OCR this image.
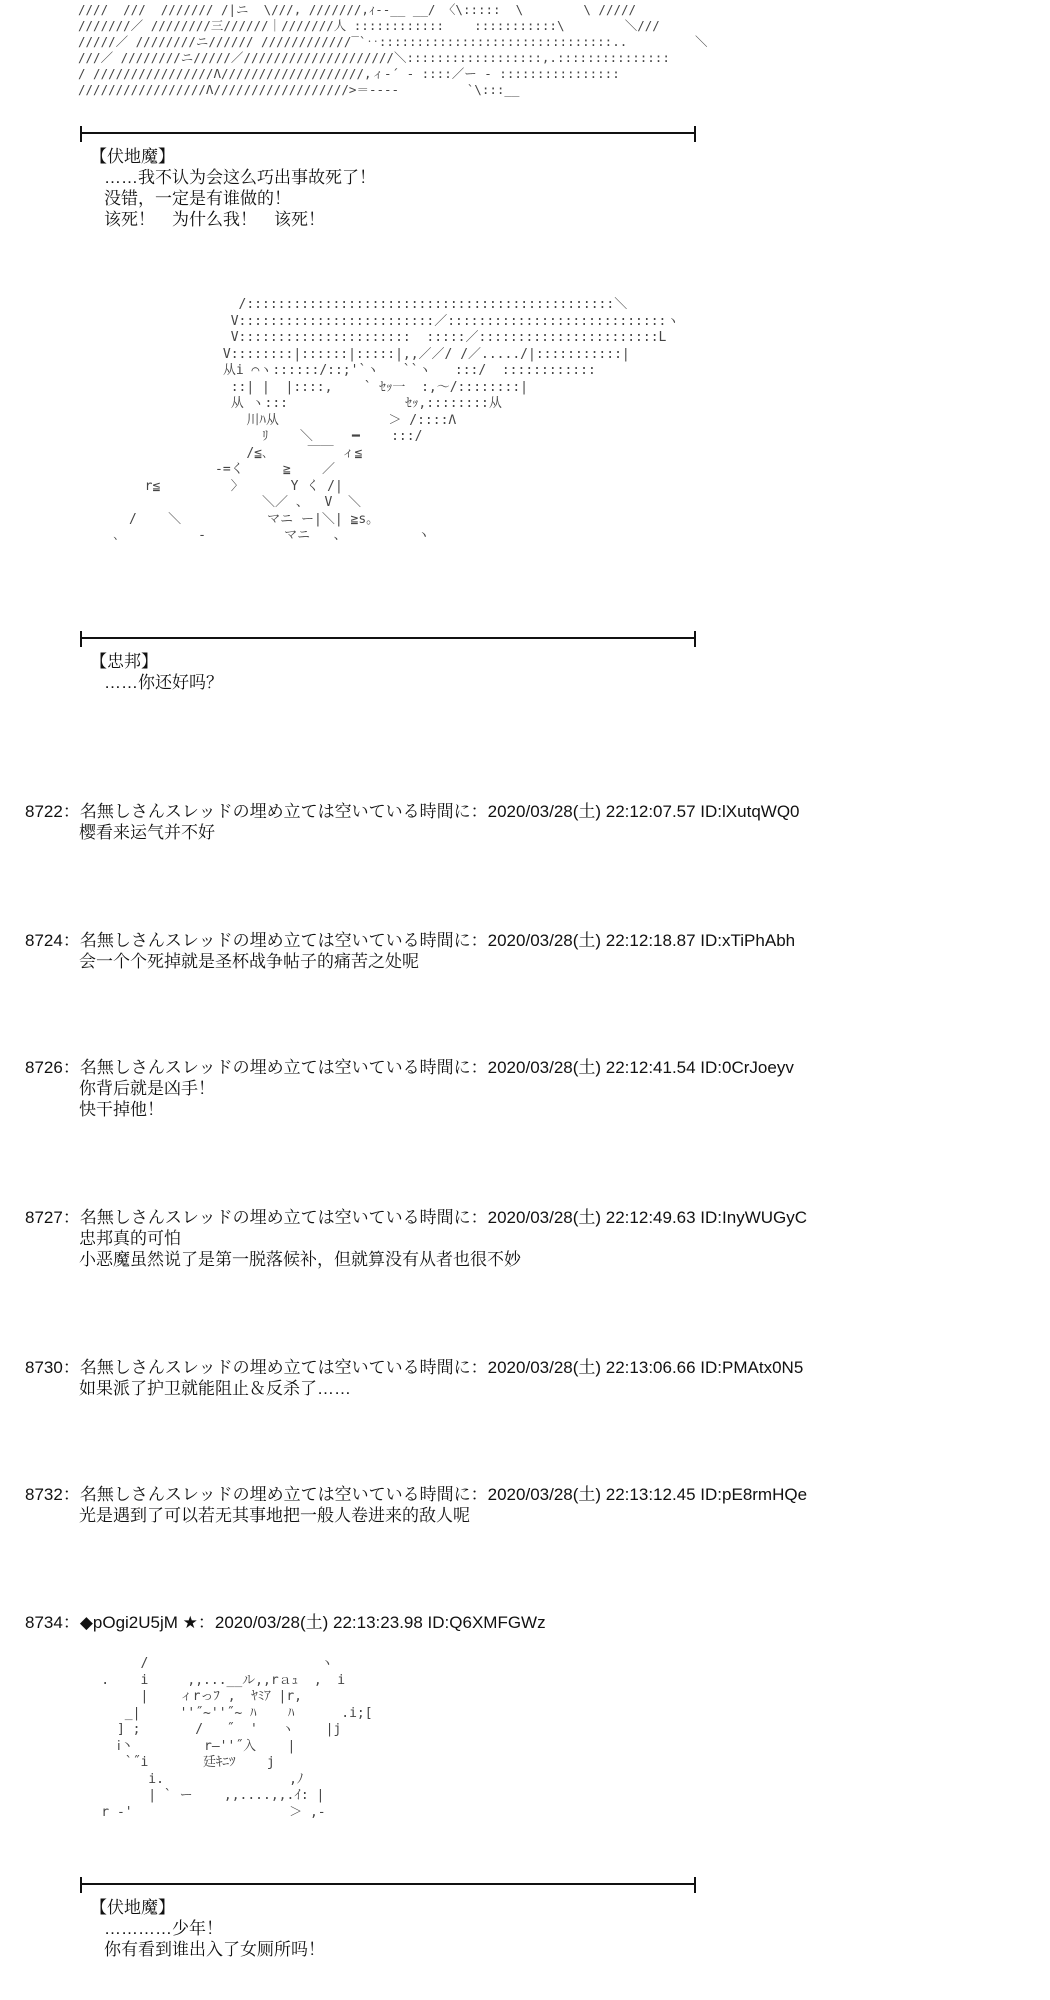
////  ///  /////// /|ニ  \///, ///////,ｨ--__ __/ 〈\:::::  \        \ /////
///////／ ////////三//////｜///////人 ::::::::::::    :::::::::::\        ＼///
/////／ ////////ニ////// ////////////‾`‥:::::::::::::::::::::::::::::::..         ＼
///／ ////////ニ/////／////////////////////＼::::::::::::::::::,.:::::::::::::::
/ ////////////////Λ///////////////////,ィ‐´ ‐ ::::／ー ‐ ::::::::::::::::
/////////////////Λ//////////////////>＝---‐         `\:::__
【伏地魔】
……我不认为会这么巧出事故死了！
没错，一定是有谁做的！
该死！　为什么我！　该死！
/:::::::::::::::::::::::::::::::::::::::::::::::＼
V:::::::::::::::::::::::::／::::::::::::::::::::::::::::ヽ
V::::::::::::::::::::::  :::::／:::::::::::::::::::::::L
V::::::::|::::::|:::::|,,／／/ /／...../|:::::::::::|
从i ⌒ヽ::::::/::;'`ヽ   ``ヽ   :::/  ::::::::::::
::| |  |::::,    ` ｾｯ一  :,～/::::::::|
从 ヽ:::               ｾｯ,::::::::从
川ﾊ从              ＞ /::::Λ
ﾘ    ＼     ━    :::/
/≦､     ￣￣ ィ≦
-=く     ≧    ／
r≦         〉      Y く /|
＼／ 、  V  ＼
/    ＼           マニ ー|＼| ≧s｡
､          -          マニ   、         ヽ
【忠邦】
……你还好吗？
8722：名無しさんスレッドの埋め立ては空いている時間に：2020/03/28(土) 22:12:07.57 ID:lXutqWQ0
樱看来运气并不好
8724：名無しさんスレッドの埋め立ては空いている時間に：2020/03/28(土) 22:12:18.87 ID:xTiPhAbh
会一个个死掉就是圣杯战争帖子的痛苦之处呢
8726：名無しさんスレッドの埋め立ては空いている時間に：2020/03/28(土) 22:12:41.54 ID:0CrJoeyv
你背后就是凶手！
快干掉他！
8727：名無しさんスレッドの埋め立ては空いている時間に：2020/03/28(土) 22:12:49.63 ID:InyWUGyC
忠邦真的可怕
小恶魔虽然说了是第一脱落候补，但就算没有从者也很不妙
8730：名無しさんスレッドの埋め立ては空いている時間に：2020/03/28(土) 22:13:06.66 ID:PMAtx0N5
如果派了护卫就能阻止＆反杀了……
8732：名無しさんスレッドの埋め立ては空いている時間に：2020/03/28(土) 22:13:12.45 ID:pE8rmHQe
光是遇到了可以若无其事地把一般人卷进来的敌人呢
8734：◆pOgi2U5jM ★：2020/03/28(土) 22:13:23.98 ID:Q6XMFGWz
/                      ヽ
.    i     ,,...__ル,,rａｭ  ,  i
|    ィrっﾌ ,  ﾔﾐｱ |r,
_|     ''˝~''˝~ ﾊ    ﾊ      .i;[
] ;       /   ˝  '   ヽ    |j
ⅰ丶         r—''˝入    |
`˝i       廷ｷﾆﾂ    j
i.                ,ﾉ
| ` ー    ,,....,,.ｲ: |
r -'                    ＞ ,-
【伏地魔】
…………少年！
你有看到谁出入了女厕所吗！
